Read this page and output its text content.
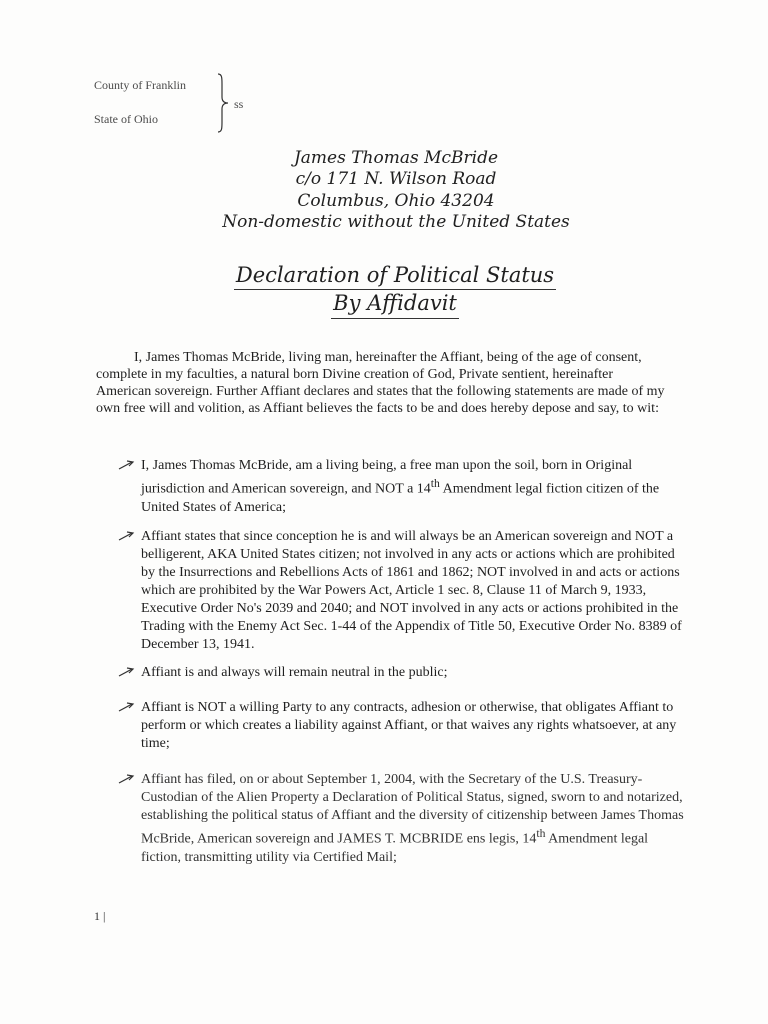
County of Franklin
State of Ohio
ss
James Thomas McBride
c/o 171 N. Wilson Road
Columbus, Ohio 43204
Non-domestic without the United States
Declaration of Political Status
By Affidavit
I, James Thomas McBride, living man, hereinafter the Affiant, being of the age of consent, complete in my faculties, a natural born Divine creation of God, Private sentient, hereinafter American sovereign. Further Affiant declares and states that the following statements are made of my own free will and volition, as Affiant believes the facts to be and does hereby depose and say, to wit:
I, James Thomas McBride, am a living being, a free man upon the soil, born in Original jurisdiction and American sovereign, and NOT a 14th Amendment legal fiction citizen of the United States of America;
Affiant states that since conception he is and will always be an American sovereign and NOT a belligerent, AKA United States citizen; not involved in any acts or actions which are prohibited by the Insurrections and Rebellions Acts of 1861 and 1862; NOT involved in and acts or actions which are prohibited by the War Powers Act, Article 1 sec. 8, Clause 11 of March 9, 1933, Executive Order No's 2039 and 2040; and NOT involved in any acts or actions prohibited in the Trading with the Enemy Act Sec. 1-44 of the Appendix of Title 50, Executive Order No. 8389 of December 13, 1941.
Affiant is and always will remain neutral in the public;
Affiant is NOT a willing Party to any contracts, adhesion or otherwise, that obligates Affiant to perform or which creates a liability against Affiant, or that waives any rights whatsoever, at any time;
Affiant has filed, on or about September 1, 2004, with the Secretary of the U.S. Treasury-Custodian of the Alien Property a Declaration of Political Status, signed, sworn to and notarized, establishing the political status of Affiant and the diversity of citizenship between James Thomas McBride, American sovereign and JAMES T. MCBRIDE ens legis, 14th Amendment legal fiction, transmitting utility via Certified Mail;
1 |
